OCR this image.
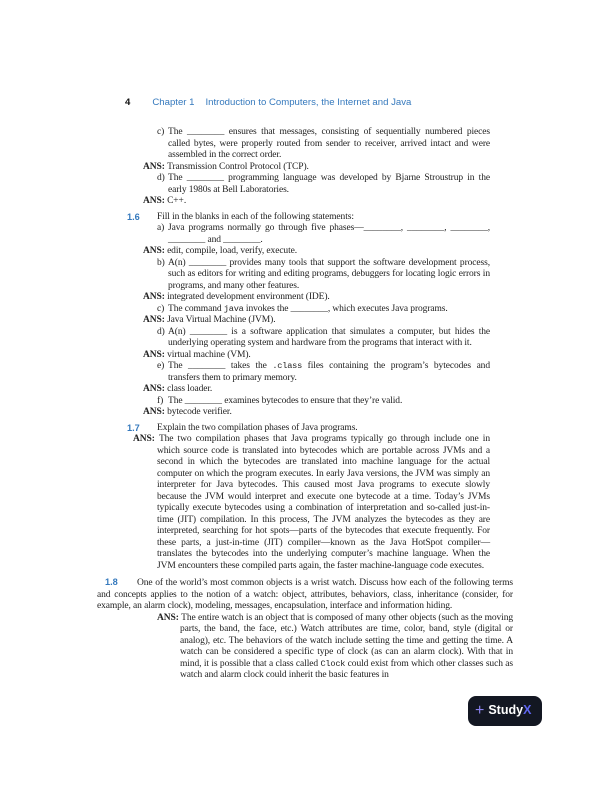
4 Chapter 1 Introduction to Computers, the Internet and Java
c) The ________ ensures that messages, consisting of sequentially numbered pieces called bytes, were properly routed from sender to receiver, arrived intact and were assembled in the correct order.
ANS: Transmission Control Protocol (TCP).
d) The ________ programming language was developed by Bjarne Stroustrup in the early 1980s at Bell Laboratories.
ANS: C++.
1.6 Fill in the blanks in each of the following statements:
a) Java programs normally go through five phases—________, ________, ________, ________ and ________.
ANS: edit, compile, load, verify, execute.
b) A(n) ________ provides many tools that support the software development process, such as editors for writing and editing programs, debuggers for locating logic errors in programs, and many other features.
ANS: integrated development environment (IDE).
c) The command java invokes the ________, which executes Java programs.
ANS: Java Virtual Machine (JVM).
d) A(n) ________ is a software application that simulates a computer, but hides the underlying operating system and hardware from the programs that interact with it.
ANS: virtual machine (VM).
e) The ________ takes the .class files containing the program’s bytecodes and transfers them to primary memory.
ANS: class loader.
f) The ________ examines bytecodes to ensure that they’re valid.
ANS: bytecode verifier.
1.7 Explain the two compilation phases of Java programs.
ANS: The two compilation phases that Java programs typically go through include one in which source code is translated into bytecodes which are portable across JVMs and a second in which the bytecodes are translated into machine language for the actual computer on which the program executes. In early Java versions, the JVM was simply an interpreter for Java bytecodes. This caused most Java programs to execute slowly because the JVM would interpret and execute one bytecode at a time. Today’s JVMs typically execute bytecodes using a combination of interpretation and so-called just-in-time (JIT) compilation. In this process, The JVM analyzes the bytecodes as they are interpreted, searching for hot spots—parts of the bytecodes that execute frequently. For these parts, a just-in-time (JIT) compiler—known as the Java HotSpot compiler—translates the bytecodes into the underlying computer’s machine language. When the JVM encounters these compiled parts again, the faster machine-language code executes.
1.8 One of the world’s most common objects is a wrist watch. Discuss how each of the following terms and concepts applies to the notion of a watch: object, attributes, behaviors, class, inheritance (consider, for example, an alarm clock), modeling, messages, encapsulation, interface and information hiding.
ANS: The entire watch is an object that is composed of many other objects (such as the moving parts, the band, the face, etc.) Watch attributes are time, color, band, style (digital or analog), etc. The behaviors of the watch include setting the time and getting the time. A watch can be considered a specific type of clock (as can an alarm clock). With that in mind, it is possible that a class called Clock could exist from which other classes such as watch and alarm clock could inherit the basic features in
+ Study X
